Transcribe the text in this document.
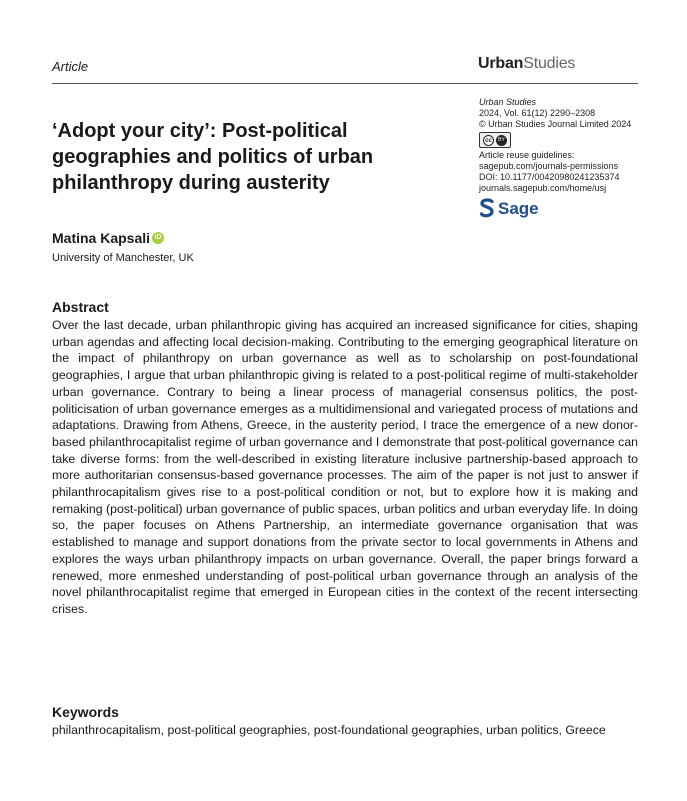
Article	UrbanStudies
Urban Studies
2024, Vol. 61(12) 2290–2308
© Urban Studies Journal Limited 2024
cc	BY
Article reuse guidelines:
sagepub.com/journals-permissions
DOI: 10.1177/00420980241235374
journals.sagepub.com/home/usj
Sage
‘Adopt your city’: Post-political geographies and politics of urban philanthropy during austerity
Matina Kapsali iD
University of Manchester, UK
Abstract
Over the last decade, urban philanthropic giving has acquired an increased significance for cities, shaping urban agendas and affecting local decision-making. Contributing to the emerging geographical literature on the impact of philanthropy on urban governance as well as to scholarship on post-foundational geographies, I argue that urban philanthropic giving is related to a post-political regime of multi-stakeholder urban governance. Contrary to being a linear process of managerial consensus politics, the post-politicisation of urban governance emerges as a multidimensional and variegated process of mutations and adaptations. Drawing from Athens, Greece, in the austerity period, I trace the emergence of a new donor-based philanthrocapitalist regime of urban governance and I demonstrate that post-political governance can take diverse forms: from the well-described in existing literature inclusive partnership-based approach to more authoritarian consensus-based governance processes. The aim of the paper is not just to answer if philanthrocapitalism gives rise to a post-political condition or not, but to explore how it is making and remaking (post-political) urban governance of public spaces, urban politics and urban everyday life. In doing so, the paper focuses on Athens Partnership, an intermediate governance organisation that was established to manage and support donations from the private sector to local governments in Athens and explores the ways urban philanthropy impacts on urban governance. Overall, the paper brings forward a renewed, more enmeshed understanding of post-political urban governance through an analysis of the novel philanthrocapitalist regime that emerged in European cities in the context of the recent intersecting crises.
Keywords
philanthrocapitalism, post-political geographies, post-foundational geographies, urban politics, Greece
